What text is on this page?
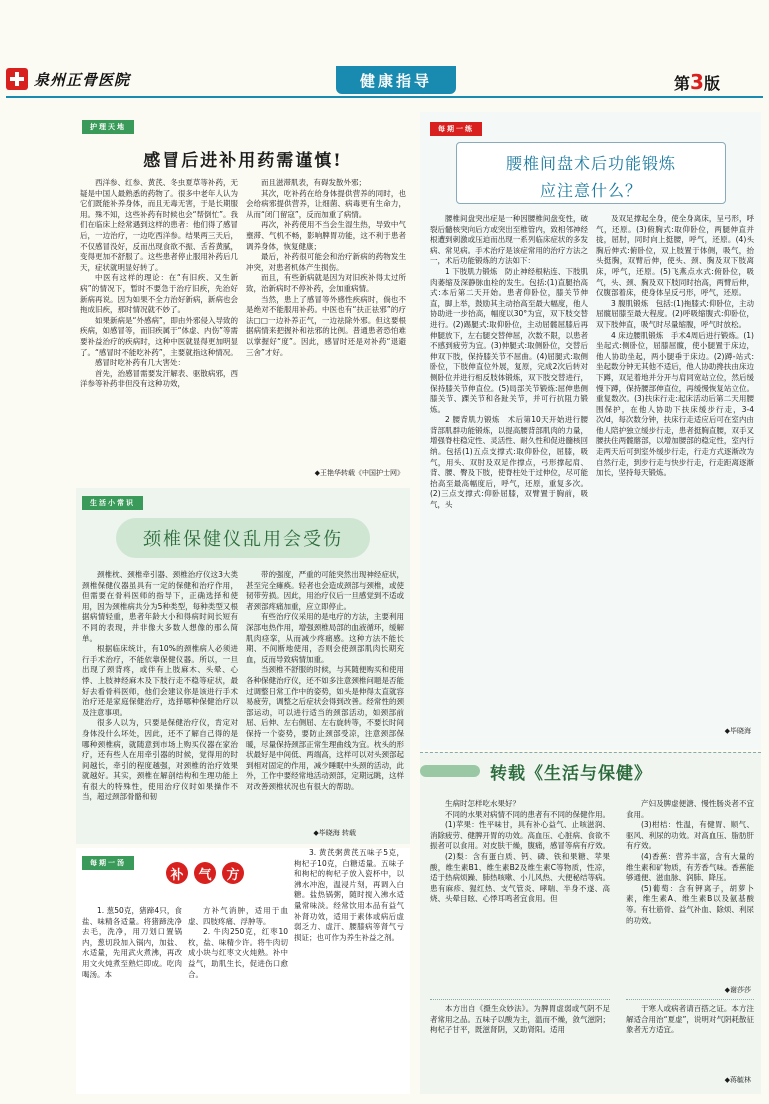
泉州正骨医院	健康指导	第3版
护理天地
感冒后进补用药需谨慎!

西洋参、红参、黄芪、冬虫夏草等补药，无疑是中国人最熟悉的药物了。很多中老年人认为它们既能补养身体，而且无毒无害，于是长期服用。殊不知，这些补药有时候也会“帮倒忙”。我们在临床上经常遇到这样的患者：他们得了感冒后，一边治疗，一边吃西洋参。结果两三天后，不仅感冒没好，反而出现食欲不振、舌苔黄腻，变得更加不舒服了。这些患者停止服用补药后几天，症状就明显好转了。

中医有这样的理论：在“有旧疾、又生新病”的情况下，暂时不要急于治疗旧疾，先治好新病再说。因为如果不全力治好新病，新病也会拖成旧疾，那时情况就不妙了。

如果新病是“外感病”，即由外邪侵入导致的疾病，如感冒等，而旧疾属于“体虚、内伤”等需要补益治疗的疾病时，这种中医就显得更加明显了。“感冒时不能吃补药”，主要就指这种情况。

感冒时吃补药有几大害处：

首先，治感冒需要发汗解表、驱散病邪，西洋参等补药非但没有这种功效，

而且滋滞肌表，有碍发散外邪；

其次，吃补药在给身体提供营养的同时，也会给病邪提供营养，让细菌、病毒更有生命力，从而“闭门留寇”，反而加重了病情。

再次，补药使用不当会生湿生热，导致中气壅滞、气机不畅，影响脾胃功能，这不利于患者调养身体，恢复健康；

最后，补药很可能会和治疗新病的药物发生冲突，对患者机体产生损伤。

而且，有些新病就是因为对旧疾补得太过所致，治新病时不停补药，会加重病情。

当然，患上了感冒等外感性疾病时，倘也不是绝对不能服用补药。中医也有“扶正祛邪”的疗法□□一边补养正气，一边祛除外邪。但这要根据病情来把握补和祛邪的比例。普通患者恐怕难以掌握好“度”。因此，感冒时还是对补药“退避三舍”才好。

◆王艳华转载《中国护士网》
每期一练
腰椎间盘术后功能锻炼
应注意什么？

腰椎间盘突出症是一种因腰椎间盘变性，破裂后髓核突向后方或突出至椎管内，致相邻神经根遭到刺激或压迫而出现一系列临床症状的多发病、常见病。手术治疗是该症常用的治疗方法之一，术后功能锻炼的方法如下：

1 下肢肌力锻炼　防止神经根粘连、下肢肌肉萎缩及深静脉血栓的发生。包括:(1)直腿抬高式:本后第二天开始。患者仰卧位，膝关节伸直，脚上举，鼓励其主动抬高至最大幅度，他人协助进一步抬高，幅度以30°为宜，双下肢交替进行。(2)踢腿式:取仰卧位，主动屈髋屈膝后再伸腿放下，左右腿交替伸屈，次数不限，以患者不感到疲劳为宜。(3)伸腿式:取侧卧位，交替后伸双下肢，保持膝关节不屈曲。(4)屈腿式:取侧卧位，下肢伸直位外展，复原，完成2次后转对侧卧位并进行相反肢体锻炼，双下肢交替进行，保持膝关节伸直位。(5)局部关节锻炼:屈伸患侧膝关节、踝关节和各趾关节，并可行抗阻力锻炼。

2 腰背肌力锻炼　术后第10天开始进行腰背部肌群功能锻炼，以提高腰背部肌肉的力量，增强脊柱稳定性、灵活性、耐久性和促进髓核回纳。包括(1)五点支撑式:取仰卧位，屈膝，吸气，用头、双肘及双足作撑点，弓形撑起肩、背、腰、臀及下肢，使脊柱处于过伸位，尽可能抬高至最高幅度后，呼气，还原，重复多次。(2)三点支撑式:仰卧屈膝，双臂置于胸前，吸气，头

及双足撑起全身，使全身离床，呈弓形，呼气，还原。(3)俯胸式:取仰卧位，两腿伸直并拢，屈肘，同时向上挺腰，呼气，还原。(4)头胸后伸式:俯卧位，双上肢置于体侧，吸气，抬头挺胸，双臂后伸，使头、颈、胸及双下肢离床，呼气，还原。(5)飞燕点水式:俯卧位，吸气，头、颈、胸及双下肢同时抬高，两臂后伸，仅腹部着床，使身体呈反弓形，呼气，还原。

3 腹肌锻炼　包括:(1)拖膝式:仰卧位，主动屈髋屈膝至最大程度。(2)呼吸缩腹式:仰卧位，双下肢伸直，吸气时尽量缩腹，呼气时放松。

4 床边腰肌锻炼　手术4周后进行锻炼。(1)坐起式:侧卧位，屈膝屈髋，使小腿置于床边，他人协助坐起，两小腿垂于床边。(2)蹲-站式:坐起数分钟无其他不适后，他人协助搀扶由床边下蹲，双足着地并分开与肩同宽站立位，然后缓慢下蹲，保持腰部伸直位，再缓慢恢复站立位。重复数次。(3)扶床行走:起床活动后第二天用腰围保护，在他人协助下扶床缓步行走，3-4次/d，每次数分钟，扶床行走适应后可在室内由他人陪护独立缓步行走，患者挺胸直腰，双手叉腰扶住两髋髂部，以增加腰部的稳定性，室内行走两天后可到室外缓步行走，行走方式逐渐改为自然行走，到步行走与快步行走，行走距离逐渐加长，坚持每天锻炼。

◆毕晓海
生活小常识
颈椎保健仪乱用会受伤

颈椎枕、颈椎牵引器、颈椎治疗仪这3大类颈椎保健仪器虽具有一定的保健和治疗作用，但需要在骨科医师的指导下，正确选择和使用，因为颈椎病共分为5种类型，每种类型又根据病情轻重，患者年龄大小和得病时间长短有不同的表现，并非像大多数人想像的那么简单。

根据临床统计，有10%的颈椎病人必须进行手术治疗，不能依靠保健仪器。所以，一旦出现了颈背疼，或伴有上肢麻木、头晕、心悸、上肢神经麻木及下肢行走不稳等症状，最好去看骨科医师，他们会建议你是该进行手术治疗还是家庭保健治疗，选择哪种保健治疗以及注意事项。

很多人以为，只要是保健治疗仪，肯定对身体没什么坏处，因此，还不了解自己得的是哪种颈椎病，就随意到市场上购买仪器在家治疗，还有些人在用牵引器的时候，觉得用的时间越长，牵引的程度越强，对颈椎的治疗效果就越好。其实，颈椎在解剖结构和生理功能上有很大的特殊性，使用治疗仪时如果操作不当，超过颈部骨骼和韧

带的强度，严重的可能突然出现神经症状，甚至完全瘫痪。轻者也会造成颈部与颈椎，或使韧带劳损。因此，用治疗仪后一旦感觉到不适或者颈部疼痛加重，应立即停止。

有些治疗仪采用的是电疗的方法，主要利用深部电热作用，增强颈椎局部的血液循环，缓解肌肉痉挛，从而减少疼痛感。这种方法不能长期、不间断地使用，否则会使颈部肌肉长期充血，反而导致病情加重。

当颈椎不舒服的时候，与其随便购买和使用各种保健治疗仪，还不如多注意颈椎问题是否能过调整日常工作中的姿势，如头是伸得太直就容易疲劳，调整之后症状会得到改善。经常性的颈部运动，可以进行适当的颈部活动，如颈部前屈、后伸、左右侧屈、左右旋转等，不要长时间保持一个姿势，要防止颈部受凉，注意颈部保暖，尽量保持颈部正常生理曲线为宜。枕头的形状最好是中间低、两端高，这样可以对头颈部起到相对固定的作用，减少睡眠中头颈的活动，此外，工作中要经常地活动颈部，定期远眺，这样对改善颈椎状况也有很大的帮助。

◆毕晓海 转载
每期一汤
补	气	方

1. 葱50克，猪蹄4只，食盐、味精各适量。将猪蹄洗净去毛，洗净，用刀划口置锅内，葱切段加入锅内，加盐、水适量，先用武火煮沸，再改用文火炖煮至熟烂即成。吃肉喝汤。本

方补气消肿，适用于血虚、四肢疼痛、浮肿等。

2. 牛肉250克，红枣10枚，盐、味精少许。将牛肉切成小块与红枣文火炖熟。补中益气，助肌生长，促进伤口愈合。

3. 黄芪粥黄芪五味子5克，枸杞子10克，白糖适量。五味子和枸杞的枸杞子放入瓷杯中，以沸水冲泡，温浸片刻，再调入白糖。盐热锅粥，随时搅入沸水适量常味淡。经常饮用本品有益气补肾功效，适用于素体或病后虚弱乏力、虚汗、腰膝病等肾气亏损证；也可作为养生补益之剂。

转载《生活与保健》

生病时怎样吃水果好？

不同的水果对病情不同的患者有不同的保健作用。

(1)苹果：性平味甘，具有补心益气、止咳滋润、消除疲劳、健脾开胃的功效。高血压、心脏病、食欲不振者可以食用。对皮肤干燥，腹痛，感冒等病有疗效。

(2)梨：含有蛋白质、钙、磷、铁和果糖、苹果酸，维生素B1、维生素B2及维生素C等物质，性凉，适于热病烦躁、肺热咳嗽、小儿风热、大便秘结等病。患有麻疹、猩红热、支气管炎、哮喘、半身不遂、高烧、头晕目眩、心悸耳鸣者宜食用。但

产妇及脾虚便溏、慢性肠炎者不宜食用。

(3)柑桔：性温，有健胃、顺气、驱风、利尿的功效。对高血压、脂肪肝有疗效。

(4)香蕉：营养丰富，含有大量的维生素和矿物质，有芳香气味。香蕉能够通便、滋血脉、润肺、降压。

(5)葡萄：含有钾离子，胡萝卜素，维生素A、维生素B以及氨基酸等。有壮筋骨、益气补血、除烦、利尿的功效。

◆谢莎莎

本方出自《摄生众妙法》。为脾胃虚弱或气阴不足者常用之品。五味子以酸为主，温而不燥，敛气滋阴；枸杞子甘平，既滋肾阴，又助肾阳。适用

于寒人或病者请百搭之证。本方注解适合用治“夏虚”，说明对气阴耗散征象者无方适宜。

◆蒋毓林
